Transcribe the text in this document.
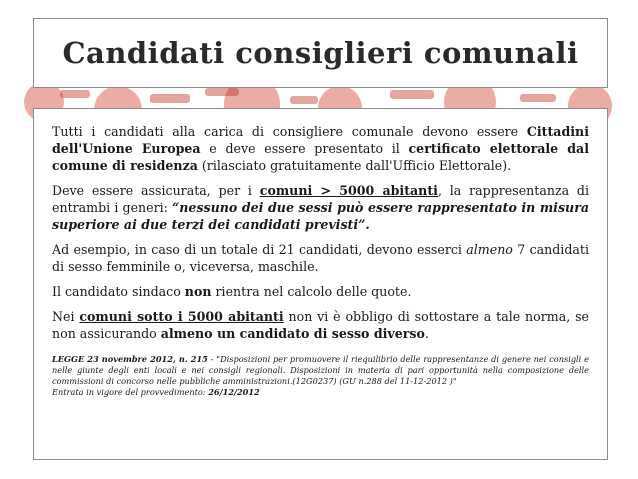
Candidati consiglieri comunali

Tutti i candidati alla carica di consigliere comunale devono essere Cittadini dell'Unione Europea e deve essere presentato il certificato elettorale dal comune di residenza (rilasciato gratuitamente dall'Ufficio Elettorale).

Deve essere assicurata, per i comuni > 5000 abitanti, la rappresentanza di entrambi i generi: “nessuno dei due sessi può essere rappresentato in misura superiore ai due terzi dei candidati previsti”.

Ad esempio, in caso di un totale di 21 candidati, devono esserci almeno 7 candidati di sesso femminile o, viceversa, maschile.

Il candidato sindaco non rientra nel calcolo delle quote.

Nei comuni sotto i 5000 abitanti non vi è obbligo di sottostare a tale norma, se non assicurando almeno un candidato di sesso diverso.

LEGGE 23 novembre 2012, n. 215 - "Disposizioni per promuovere il riequilibrio delle rappresentanze di genere nei consigli e nelle giunte degli enti locali e nei consigli regionali. Disposizioni in materia di pari opportunità nella composizione delle commissioni di concorso nelle pubbliche amministrazioni.(12G0237) (GU n.288 del 11-12-2012 )"
Entrata in vigore del provvedimento: 26/12/2012
